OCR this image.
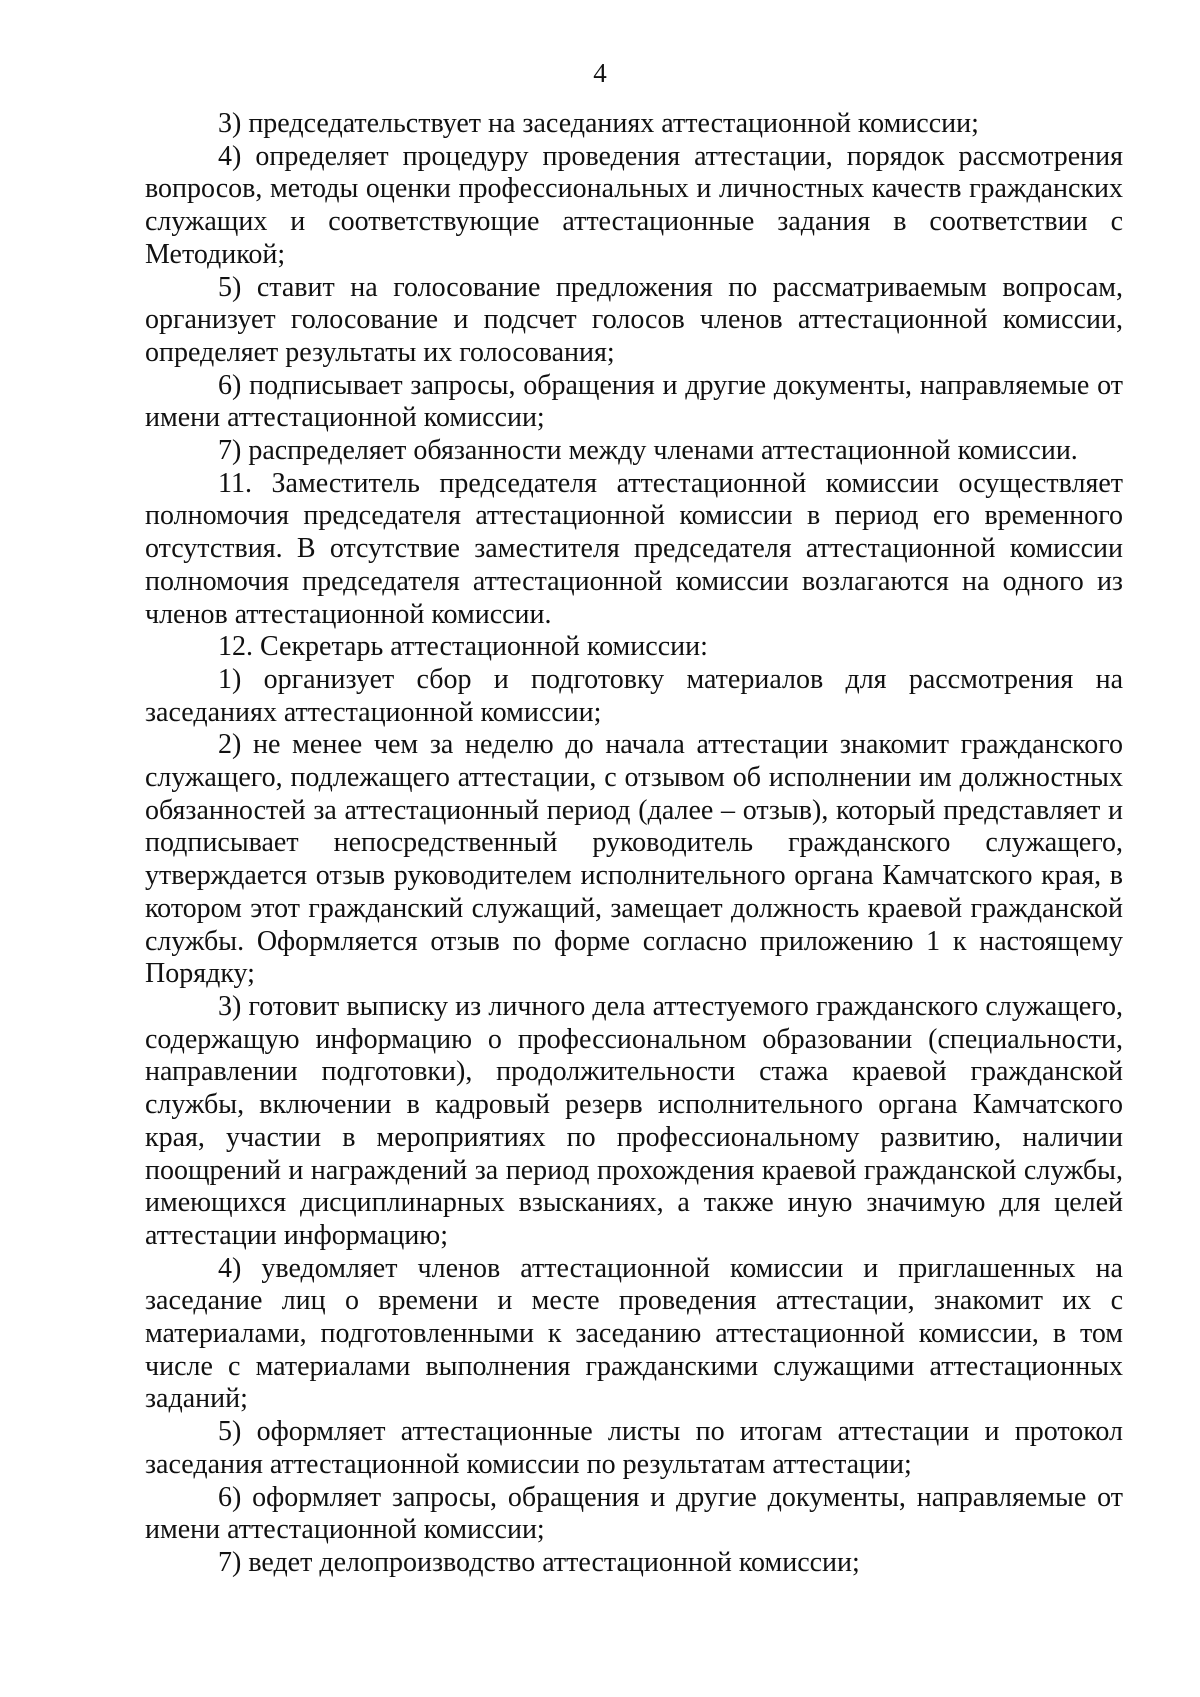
4

3) председательствует на заседаниях аттестационной комиссии;

4) определяет процедуру проведения аттестации, порядок рассмотрения вопросов, методы оценки профессиональных и личностных качеств гражданских служащих и соответствующие аттестационные задания в соответствии с Методикой;

5) ставит на голосование предложения по рассматриваемым вопросам, организует голосование и подсчет голосов членов аттестационной комиссии, определяет результаты их голосования;

6) подписывает запросы, обращения и другие документы, направляемые от имени аттестационной комиссии;

7) распределяет обязанности между членами аттестационной комиссии.

11. Заместитель председателя аттестационной комиссии осуществляет полномочия председателя аттестационной комиссии в период его временного отсутствия. В отсутствие заместителя председателя аттестационной комиссии полномочия председателя аттестационной комиссии возлагаются на одного из членов аттестационной комиссии.

12. Секретарь аттестационной комиссии:

1) организует сбор и подготовку материалов для рассмотрения на заседаниях аттестационной комиссии;

2) не менее чем за неделю до начала аттестации знакомит гражданского служащего, подлежащего аттестации, с отзывом об исполнении им должностных обязанностей за аттестационный период (далее – отзыв), который представляет и подписывает непосредственный руководитель гражданского служащего, утверждается отзыв руководителем исполнительного органа Камчатского края, в котором этот гражданский служащий, замещает должность краевой гражданской службы. Оформляется отзыв по форме согласно приложению 1 к настоящему Порядку;

3) готовит выписку из личного дела аттестуемого гражданского служащего, содержащую информацию о профессиональном образовании (специальности, направлении подготовки), продолжительности стажа краевой гражданской службы, включении в кадровый резерв исполнительного органа Камчатского края, участии в мероприятиях по профессиональному развитию, наличии поощрений и награждений за период прохождения краевой гражданской службы, имеющихся дисциплинарных взысканиях, а также иную значимую для целей аттестации информацию;

4) уведомляет членов аттестационной комиссии и приглашенных на заседание лиц о времени и месте проведения аттестации, знакомит их с материалами, подготовленными к заседанию аттестационной комиссии, в том числе с материалами выполнения гражданскими служащими аттестационных заданий;

5) оформляет аттестационные листы по итогам аттестации и протокол заседания аттестационной комиссии по результатам аттестации;

6) оформляет запросы, обращения и другие документы, направляемые от имени аттестационной комиссии;

7) ведет делопроизводство аттестационной комиссии;
